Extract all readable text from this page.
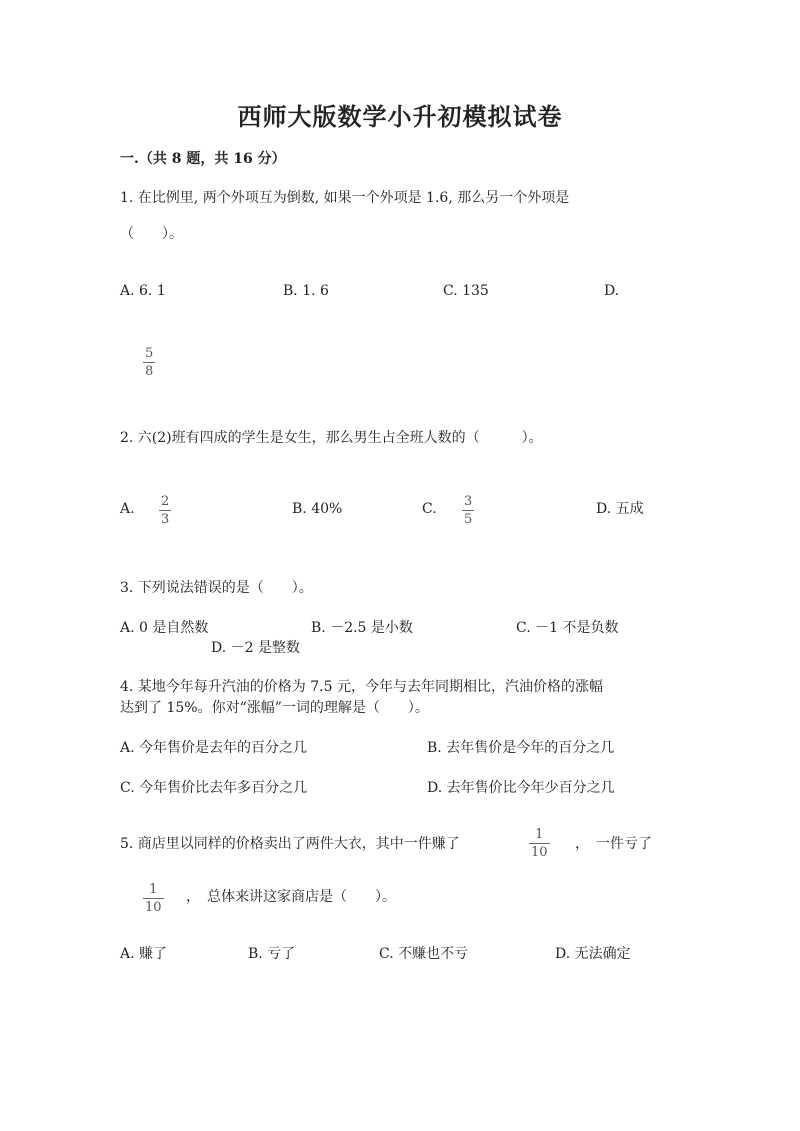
西师大版数学小升初模拟试卷
一.（共 8 题，共 16 分）
1. 在比例里, 两个外项互为倒数, 如果一个外项是 1.6, 那么另一个外项是
（　　）。
A. 6. 1	B. 1. 6	C. 135	D.
5
8
2. 六(2)班有四成的学生是女生，那么男生占全班人数的（　　　）。
A. 2
3
B. 40%	C. 3
5
D. 五成
3. 下列说法错误的是（　　）。
A. 0 是自然数	B. －2.5 是小数	C. －1 不是负数
D. －2 是整数
4. 某地今年每升汽油的价格为 7.5 元，今年与去年同期相比，汽油价格的涨幅
达到了 15%。你对“涨幅”一词的理解是（　　）。
A. 今年售价是去年的百分之几	B. 去年售价是今年的百分之几
C. 今年售价比去年多百分之几	D. 去年售价比今年少百分之几
5. 商店里以同样的价格卖出了两件大衣，其中一件赚了
1
10
，　一件亏了
1
10
，　总体来讲这家商店是（　　）。
A. 赚了	B. 亏了	C. 不赚也不亏	D. 无法确定
